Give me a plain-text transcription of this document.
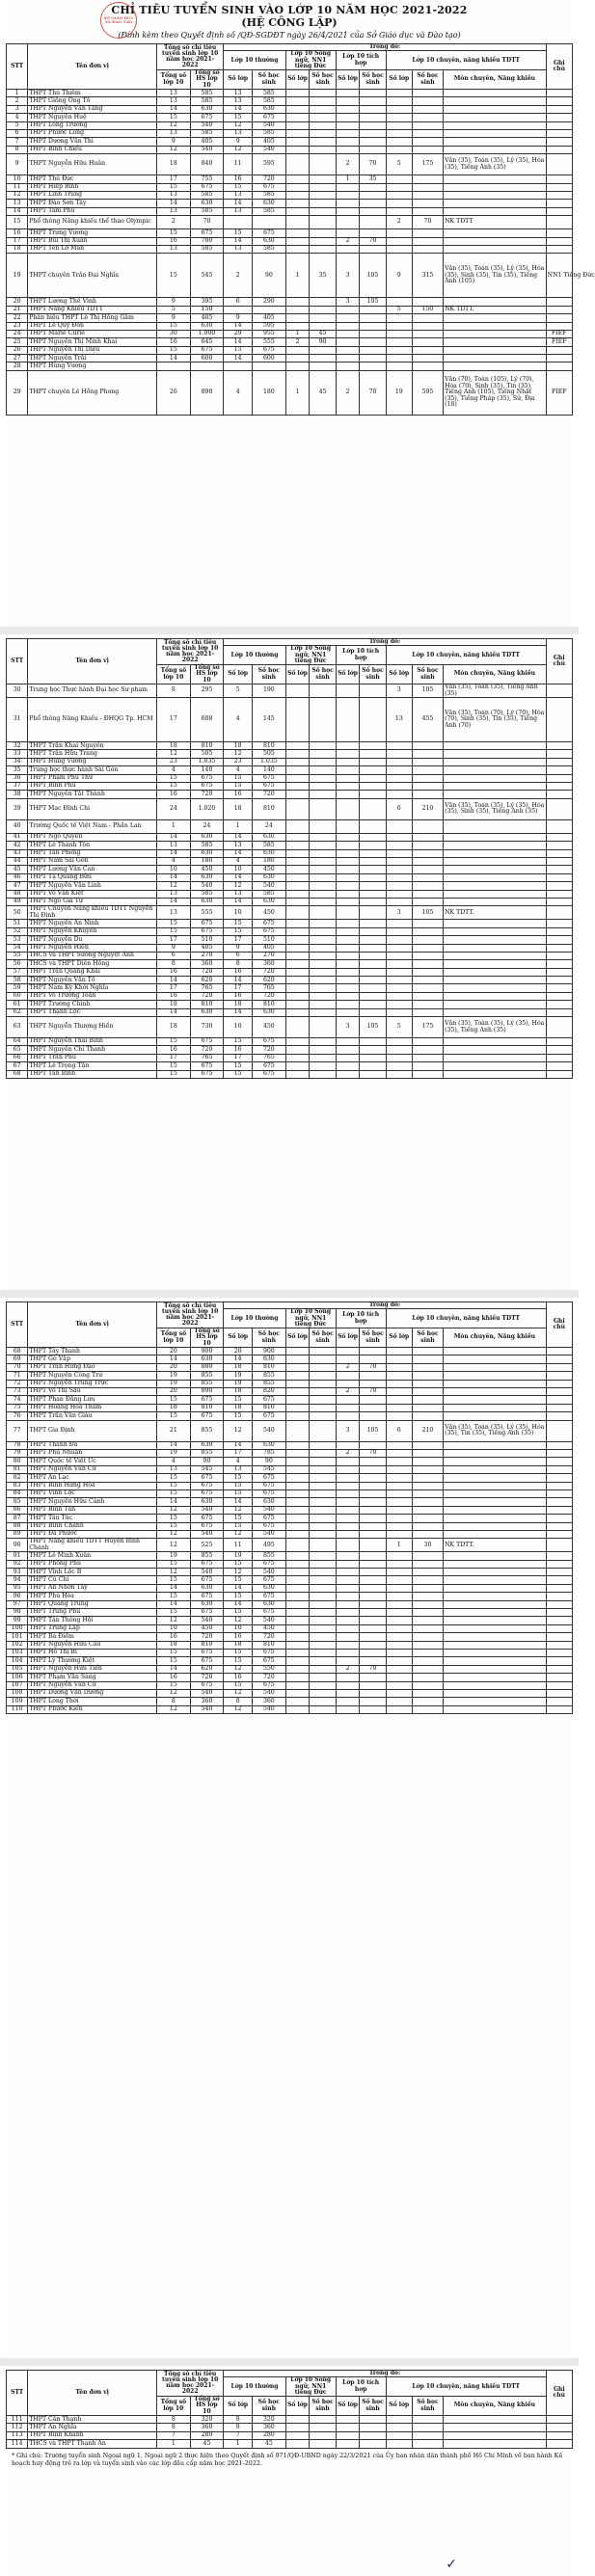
CHỈ TIÊU TUYỂN SINH VÀO LỚP 10 NĂM HỌC 2021-2022
(HỆ CÔNG LẬP)
(Đính kèm theo Quyết định số /QĐ-SGDĐT ngày 26/4/2021 của Sở Giáo dục và Đào tạo)
SỞ GIÁO DỤC VÀ ĐÀO TẠO
STT	Tên đơn vị	Tổng số chỉ tiêu tuyển sinh lớp 10 năm học 2021-2022		Trong đó:									Ghi chú
				Lớp 10 thường		Lớp 10 Song ngữ, NN1 tiếng Đức		Lớp 10 tích hợp		Lớp 10 chuyên, năng khiếu TDTT			
		Tổng số lớp 10	Tổng số HS lớp 10	Số lớp	Số học sinh	Số lớp	Số học sinh	Số lớp	Số học sinh	Số lớp	Số học sinh	Môn chuyên, Năng khiếu	
1	THPT Thủ Thiêm	13	585	13	585								
2	THPT Giồng Ông Tố	13	585	13	585								
3	THPT Nguyễn Văn Tăng	14	630	14	630								
4	THPT Nguyễn Huệ	15	675	15	675								
5	THPT Long Trường	12	540	12	540								
6	THPT Phước Long	13	585	13	585								
7	THPT Dương Văn Thì	9	405	9	405								
8	THPT Bình Chiểu	12	540	12	540								
9	THPT Nguyễn Hữu Huân	18	840	11	595			2	70	5	175	Văn (35), Toán (35), Lý (35), Hóa (35), Tiếng Anh (35)	
10	THPT Thủ Đức	17	755	16	720			1	35				
11	THPT Hiệp Bình	15	675	15	675								
12	THPT Linh Trung	13	585	13	585								
13	THPT Đào Sơn Tây	14	630	14	630								
14	THPT Tam Phú	13	585	13	585								
15	Phổ thông Năng khiếu thể thao Olympic	2	70							2	70	NK TDTT	
16	THPT Trưng Vương	15	675	15	675								
17	THPT Bùi Thị Xuân	16	700	14	630			2	70				
18	THPT Ten Lơ Man	13	585	13	585								
19	THPT chuyên Trần Đại Nghĩa	15	545	2	90	1	35	3	105	9	315	Văn (35), Toán (35), Lý (35), Hóa (35), Sinh (35), Tin (35), Tiếng Anh (105)	NN1 Tiếng Đức
20	THPT Lương Thế Vinh	9	395	6	290			3	105				
21	THPT Năng Khiếu TDTT	5	150							5	150	NK TDTT.	
22	Phân hiệu THPT Lê Thị Hồng Gấm	9	405	9	405								
23	THPT Lê Quý Đôn	15	630	14	595								
24	THPT Marie Curie	30	1.000	29	955	1	45						FIEF
25	THPT Nguyễn Thị Minh Khai	16	645	14	555	2	90						FIEF
26	THPT Nguyễn Thị Diệu	15	675	15	675								
27	THPT Nguyễn Trãi	14	600	14	600								
28	THPT Hùng Vương												
29	THPT chuyên Lê Hồng Phong	26	890	4	180	1	45	2	70	19	595	Văn (70), Toán (105), Lý (70), Hóa (70), Sinh (35), Tin (35), Tiếng Anh (105), Tiếng Nhật (35), Tiếng Pháp (35), Sử, Địa (18)	FIEF
STT	Tên đơn vị	Tổng số chỉ tiêu tuyển sinh lớp 10 năm học 2021-2022		Trong đó:									Ghi chú
				Lớp 10 thường		Lớp 10 Song ngữ, NN1 tiếng Đức		Lớp 10 tích hợp		Lớp 10 chuyên, năng khiếu TDTT			
		Tổng số lớp 10	Tổng số HS lớp 10	Số lớp	Số học sinh	Số lớp	Số học sinh	Số lớp	Số học sinh	Số lớp	Số học sinh	Môn chuyên, Năng khiếu	
30	Trung học Thực hành Đại học Sư phạm	8	295	5	190					3	105	Văn (35), Toán (35), Tiếng Anh (35)	
31	Phổ thông Năng Khiếu - ĐHQG Tp. HCM	17	608	4	145					13	455	Văn (35), Toán (70), Lý (70), Hóa (70), Sinh (35), Tin (35), Tiếng Anh (70)	
32	THPT Trần Khai Nguyên	18	810	18	810								
33	THPT Trần Hữu Trang	12	505	12	505								
34	THPT Hùng Vương	23	1.035	23	1.035								
35	Trung học thực hành Sài Gòn	4	140	4	140								
36	THPT Phạm Phú Thứ	15	675	15	675								
37	THPT Bình Phú	15	675	15	675								
38	THPT Nguyễn Tất Thành	16	720	16	720								
39	THPT Mạc Đĩnh Chi	24	1.020	18	810					6	210	Văn (35), Toán (35), Lý (35), Hóa (35), Sinh (35), Tiếng Anh (35)	
40	Trường Quốc tế Việt Nam - Phần Lan	1	24	1	24								
41	THPT Ngô Quyền	14	630	14	630								
42	THPT Lê Thánh Tôn	13	585	13	585								
43	THPT Tân Phong	14	630	14	630								
44	THPT Nam Sài Gòn	4	180	4	180								
45	THPT Lương Văn Can	10	450	10	450								
46	THPT Tạ Quang Bửu	14	630	14	630								
47	THPT Nguyễn Văn Linh	12	540	12	540								
48	THPT Võ Văn Kiệt	13	585	13	585								
49	THPT Ngô Gia Tự	14	630	14	630								
50	THPT Chuyên Năng khiếu TDTT Nguyễn Thị Định	13	555	10	450					3	105	NK TDTT.	
51	THPT Nguyễn An Ninh	15	675	15	675								
52	THPT Nguyễn Khuyến	15	675	15	675								
53	THPT Nguyễn Du	17	510	17	510								
54	THPT Nguyễn Hiền	9	405	9	405								
55	THCS và THPT Sương Nguyệt Anh	6	270	6	270								
56	THCS và THPT Diên Hồng	8	360	8	360								
57	THPT Trần Quang Khải	16	720	16	720								
58	THPT Nguyễn Văn Tố	14	620	14	620								
59	THPT Nam Kỳ Khởi Nghĩa	17	765	17	765								
60	THPT Võ Trường Toản	16	720	16	720								
61	THPT Trường Chinh	18	810	18	810								
62	THPT Thạnh Lộc	14	630	14	630								
63	THPT Nguyễn Thượng Hiền	18	730	10	450			3	105	5	175	Văn (35), Toán (35), Lý (35), Hóa (35), Tiếng Anh (35)	
64	THPT Nguyễn Thái Bình	15	675	15	675								
65	THPT Nguyễn Chí Thanh	16	720	16	720								
66	THPT Trần Phú	17	765	17	765								
67	THPT Lê Trọng Tấn	15	675	15	675								
68	THPT Tân Bình	15	675	15	675								
STT	Tên đơn vị	Tổng số chỉ tiêu tuyển sinh lớp 10 năm học 2021-2022		Trong đó:									Ghi chú
				Lớp 10 thường		Lớp 10 Song ngữ, NN1 tiếng Đức		Lớp 10 tích hợp		Lớp 10 chuyên, năng khiếu TDTT			
		Tổng số lớp 10	Tổng số HS lớp 10	Số lớp	Số học sinh	Số lớp	Số học sinh	Số lớp	Số học sinh	Số lớp	Số học sinh	Môn chuyên, Năng khiếu	
68	THPT Tây Thạnh	20	900	20	900								
69	THPT Gò Vấp	14	630	14	630								
70	THPT Trần Hưng Đạo	20	880	18	810			2	70				
71	THPT Nguyễn Công Trứ	19	855	19	855								
72	THPT Nguyễn Trung Trực	19	855	19	855								
73	THPT Võ Thị Sáu	20	890	18	820			2	70				
74	THPT Phan Đăng Lưu	15	675	15	675								
75	THPT Hoàng Hoa Thám	18	810	18	810								
76	THPT Trần Văn Giàu	15	675	15	675								
77	THPT Gia Định	21	855	12	540			3	105	6	210	Văn (35), Toán (35), Lý (35), Hóa (35), Tin (35), Tiếng Anh (35)	
78	THPT Thanh Đa	14	630	14	630								
79	THPT Phú Nhuận	19	855	17	785			2	70				
80	THPT Quốc tế Việt Úc	4	90	4	90								
81	THPT Nguyễn Văn Cừ	13	545	13	545								
82	THPT An Lạc	15	675	15	675								
83	THPT Bình Hưng Hòa	15	675	15	675								
84	THPT Vĩnh Lộc	15	675	15	675								
85	THPT Nguyễn Hữu Cảnh	14	630	14	630								
86	THPT Bình Tân	12	540	12	540								
87	THPT Tân Túc	15	675	15	675								
88	THPT Bình Chánh	15	675	15	675								
89	THPT Đa Phước	12	540	12	540								
90	THPT Năng khiếu TDTT Huyện Bình Chánh	12	525	11	495					1	30	NK TDTT.	
91	THPT Lê Minh Xuân	19	855	19	855								
92	THPT Phong Phú	15	675	15	675								
93	THPT Vĩnh Lộc B	12	540	12	540								
94	THPT Củ Chi	15	675	15	675								
95	THPT An Nhơn Tây	14	630	14	630								
96	THPT Phú Hòa	15	675	15	675								
97	THPT Quang Trung	14	630	14	630								
98	THPT Trung Phú	15	675	15	675								
99	THPT Tân Thông Hội	12	540	12	540								
100	THPT Trung Lập	10	450	10	450								
101	THPT Bà Điểm	16	720	16	720								
102	THPT Nguyễn Hữu Cầu	18	810	18	810								
103	THPT Hồ Thị Bi	15	675	15	675								
104	THPT Lý Thường Kiệt	15	675	15	675								
105	THPT Nguyễn Hữu Tiến	14	620	12	550			2	70				
106	THPT Phạm Văn Sáng	16	720	16	720								
107	THPT Nguyễn Văn Cừ	15	675	15	675								
108	THPT Dương Văn Dương	12	540	12	540								
109	THPT Long Thới	8	360	8	360								
110	THPT Phước Kiển	12	540	12	540								
STT	Tên đơn vị	Tổng số chỉ tiêu tuyển sinh lớp 10 năm học 2021-2022		Trong đó:									Ghi chú
				Lớp 10 thường		Lớp 10 Song ngữ, NN1 tiếng Đức		Lớp 10 tích hợp		Lớp 10 chuyên, năng khiếu TDTT			
		Tổng số lớp 10	Tổng số HS lớp 10	Số lớp	Số học sinh	Số lớp	Số học sinh	Số lớp	Số học sinh	Số lớp	Số học sinh	Môn chuyên, Năng khiếu	
111	THPT Cần Thạnh	8	320	8	320								
112	THPT An Nghĩa	8	360	8	360								
113	THPT Bình Khánh	7	280	7	280								
114	THCS và THPT Thạnh An	1	45	1	45								
* Ghi chú: Trường tuyển sinh Ngoại ngữ 1, Ngoại ngữ 2 thực hiện theo Quyết định số 971/QĐ-UBND ngày 22/3/2021 của Ủy ban nhân dân thành phố Hồ Chí Minh về ban hành Kế hoạch huy động trẻ ra lớp và tuyển sinh vào các lớp đầu cấp năm học 2021-2022.
✓
